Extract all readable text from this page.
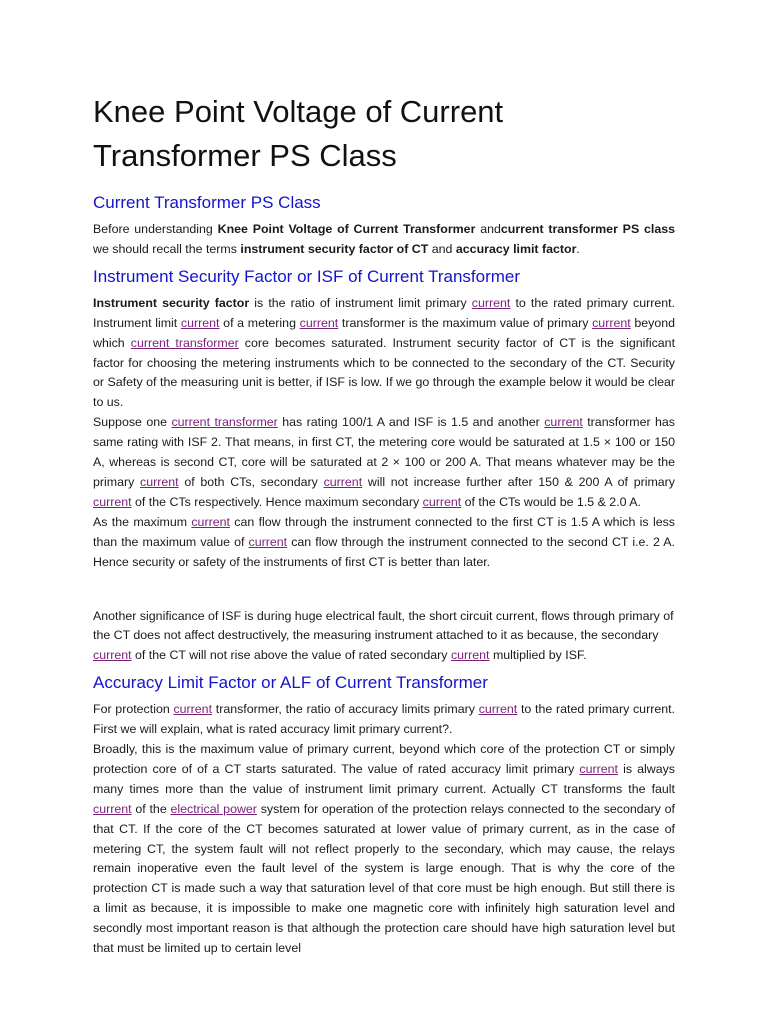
Knee Point Voltage of Current
Transformer PS Class
Current Transformer PS Class

Before understanding Knee Point Voltage of Current Transformer andcurrent transformer PS class we should recall the terms instrument security factor of CT and accuracy limit factor.

Instrument Security Factor or ISF of Current Transformer

Instrument security factor is the ratio of instrument limit primary current to the rated primary current. Instrument limit current of a metering current transformer is the maximum value of primary current beyond which current transformer core becomes saturated. Instrument security factor of CT is the significant factor for choosing the metering instruments which to be connected to the secondary of the CT. Security or Safety of the measuring unit is better, if ISF is low. If we go through the example below it would be clear to us.

Suppose one current transformer has rating 100/1 A and ISF is 1.5 and another current transformer has same rating with ISF 2. That means, in first CT, the metering core would be saturated at 1.5 × 100 or 150 A, whereas is second CT, core will be saturated at 2 × 100 or 200 A. That means whatever may be the primary current of both CTs, secondary current will not increase further after 150 & 200 A of primary current of the CTs respectively. Hence maximum secondary current of the CTs would be 1.5 & 2.0 A.

As the maximum current can flow through the instrument connected to the first CT is 1.5 A which is less than the maximum value of current can flow through the instrument connected to the second CT i.e. 2 A. Hence security or safety of the instruments of first CT is better than later.

Another significance of ISF is during huge electrical fault, the short circuit current, flows through primary of the CT does not affect destructively, the measuring instrument attached to it as because, the secondary current of the CT will not rise above the value of rated secondary current multiplied by ISF.

Accuracy Limit Factor or ALF of Current Transformer

For protection current transformer, the ratio of accuracy limits primary current to the rated primary current. First we will explain, what is rated accuracy limit primary current?.

Broadly, this is the maximum value of primary current, beyond which core of the protection CT or simply protection core of of a CT starts saturated. The value of rated accuracy limit primary current is always many times more than the value of instrument limit primary current. Actually CT transforms the fault current of the electrical power system for operation of the protection relays connected to the secondary of that CT. If the core of the CT becomes saturated at lower value of primary current, as in the case of metering CT, the system fault will not reflect properly to the secondary, which may cause, the relays remain inoperative even the fault level of the system is large enough. That is why the core of the protection CT is made such a way that saturation level of that core must be high enough. But still there is a limit as because, it is impossible to make one magnetic core with infinitely high saturation level and secondly most important reason is that although the protection care should have high saturation level but that must be limited up to certain level
